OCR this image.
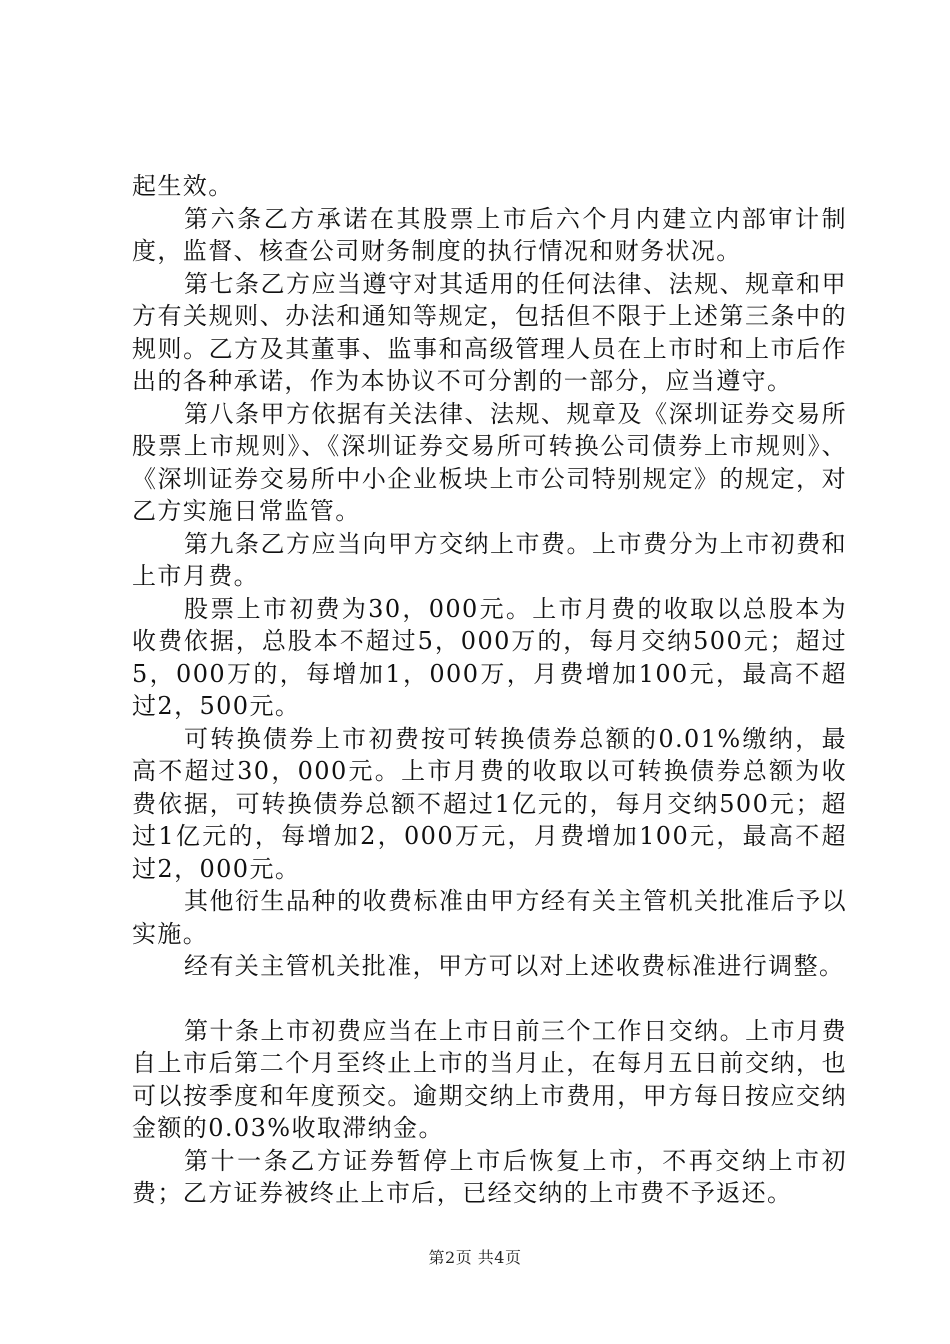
起生效。

第六条乙方承诺在其股票上市后六个月内建立内部审计制度，监督、核查公司财务制度的执行情况和财务状况。

第七条乙方应当遵守对其适用的任何法律、法规、规章和甲方有关规则、办法和通知等规定，包括但不限于上述第三条中的规则。乙方及其董事、监事和高级管理人员在上市时和上市后作出的各种承诺，作为本协议不可分割的一部分，应当遵守。

第八条甲方依据有关法律、法规、规章及《深圳证券交易所股票上市规则》、《深圳证券交易所可转换公司债券上市规则》、《深圳证券交易所中小企业板块上市公司特别规定》的规定，对乙方实施日常监管。

第九条乙方应当向甲方交纳上市费。上市费分为上市初费和上市月费。

股票上市初费为30，000元。上市月费的收取以总股本为收费依据，总股本不超过5，000万的，每月交纳500元；超过5，000万的，每增加1，000万，月费增加100元，最高不超过2，500元。

可转换债券上市初费按可转换债券总额的0.01%缴纳，最高不超过30，000元。上市月费的收取以可转换债券总额为收费依据，可转换债券总额不超过1亿元的，每月交纳500元；超过1亿元的，每增加2，000万元，月费增加100元，最高不超过2，000元。

其他衍生品种的收费标准由甲方经有关主管机关批准后予以实施。

经有关主管机关批准，甲方可以对上述收费标准进行调整。

第十条上市初费应当在上市日前三个工作日交纳。上市月费自上市后第二个月至终止上市的当月止，在每月五日前交纳，也可以按季度和年度预交。逾期交纳上市费用，甲方每日按应交纳金额的0.03%收取滞纳金。

第十一条乙方证券暂停上市后恢复上市，不再交纳上市初费；乙方证券被终止上市后，已经交纳的上市费不予返还。

第2页 共4页
